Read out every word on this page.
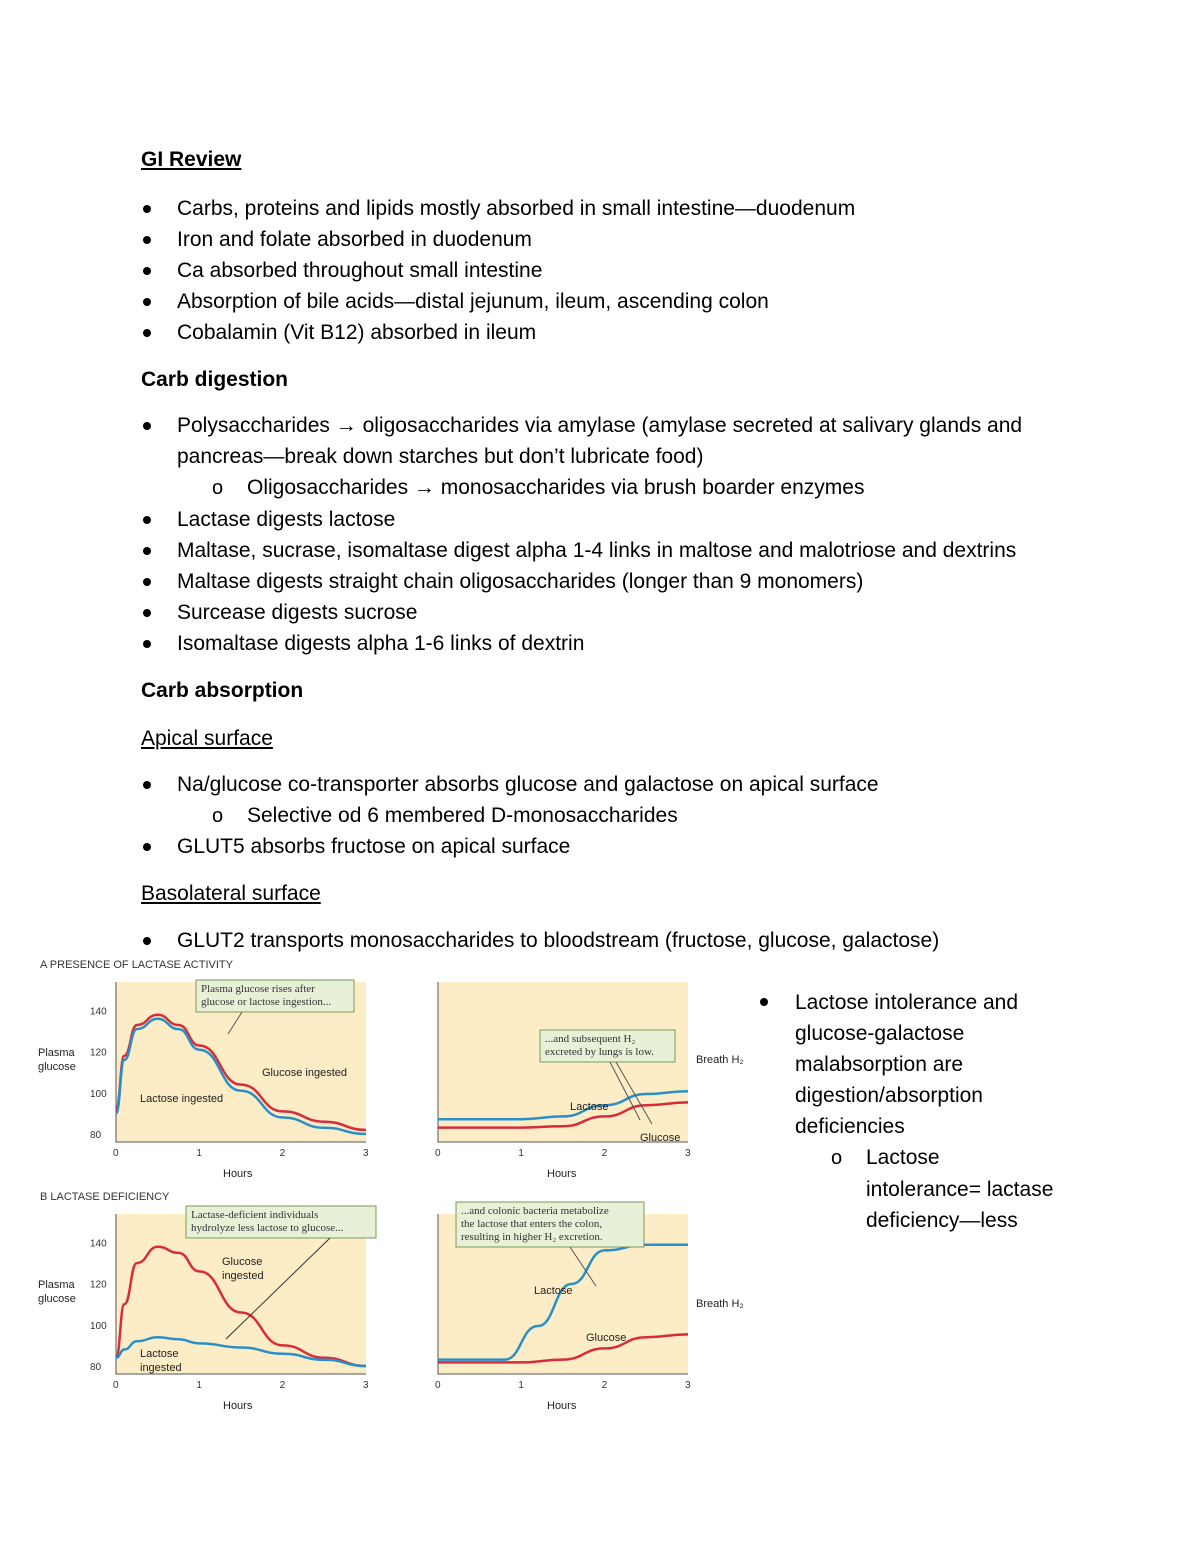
GI Review
Carbs, proteins and lipids mostly absorbed in small intestine—duodenum
Iron and folate absorbed in duodenum
Ca absorbed throughout small intestine
Absorption of bile acids—distal jejunum, ileum, ascending colon
Cobalamin (Vit B12) absorbed in ileum
Carb digestion
Polysaccharides → oligosaccharides via amylase (amylase secreted at salivary glands and
pancreas—break down starches but don’t lubricate food)
o Oligosaccharides → monosaccharides via brush boarder enzymes
Lactase digests lactose
Maltase, sucrase, isomaltase digest alpha 1-4 links in maltose and malotriose and dextrins
Maltase digests straight chain oligosaccharides (longer than 9 monomers)
Surcease digests sucrose
Isomaltase digests alpha 1-6 links of dextrin
Carb absorption
Apical surface
Na/glucose co-transporter absorbs glucose and galactose on apical surface
o Selective od 6 membered D-monosaccharides
GLUT5 absorbs fructose on apical surface
Basolateral surface
GLUT2 transports monosaccharides to bloodstream (fructose, glucose, galactose)
Lactose intolerance and
glucose-galactose
malabsorption are
digestion/absorption
deficiencies
o Lactose
intolerance= lactase
deficiency—less
A PRESENCE OF LACTASE ACTIVITY
B LACTASE DEFICIENCY
Plasma
glucose
Plasma
glucose
Breath H₂
Breath H₂
Hours	Hours
Hours	Hours
0	1	2	3
80
100
120
140
0	1	2	3
0	1	2	3
80
100
120
140
0	1	2	3
Plasma glucose rises after
glucose or lactose ingestion...
...and subsequent H₂
excreted by lungs is low.
Lactase-deficient individuals
hydrolyze less lactose to glucose...
...and colonic bacteria metabolize
the lactose that enters the colon,
resulting in higher H₂ excretion.
Glucose ingested
Lactose ingested
Lactose
Glucose
Glucose
ingested
Lactose
ingested
Lactose
Glucose
